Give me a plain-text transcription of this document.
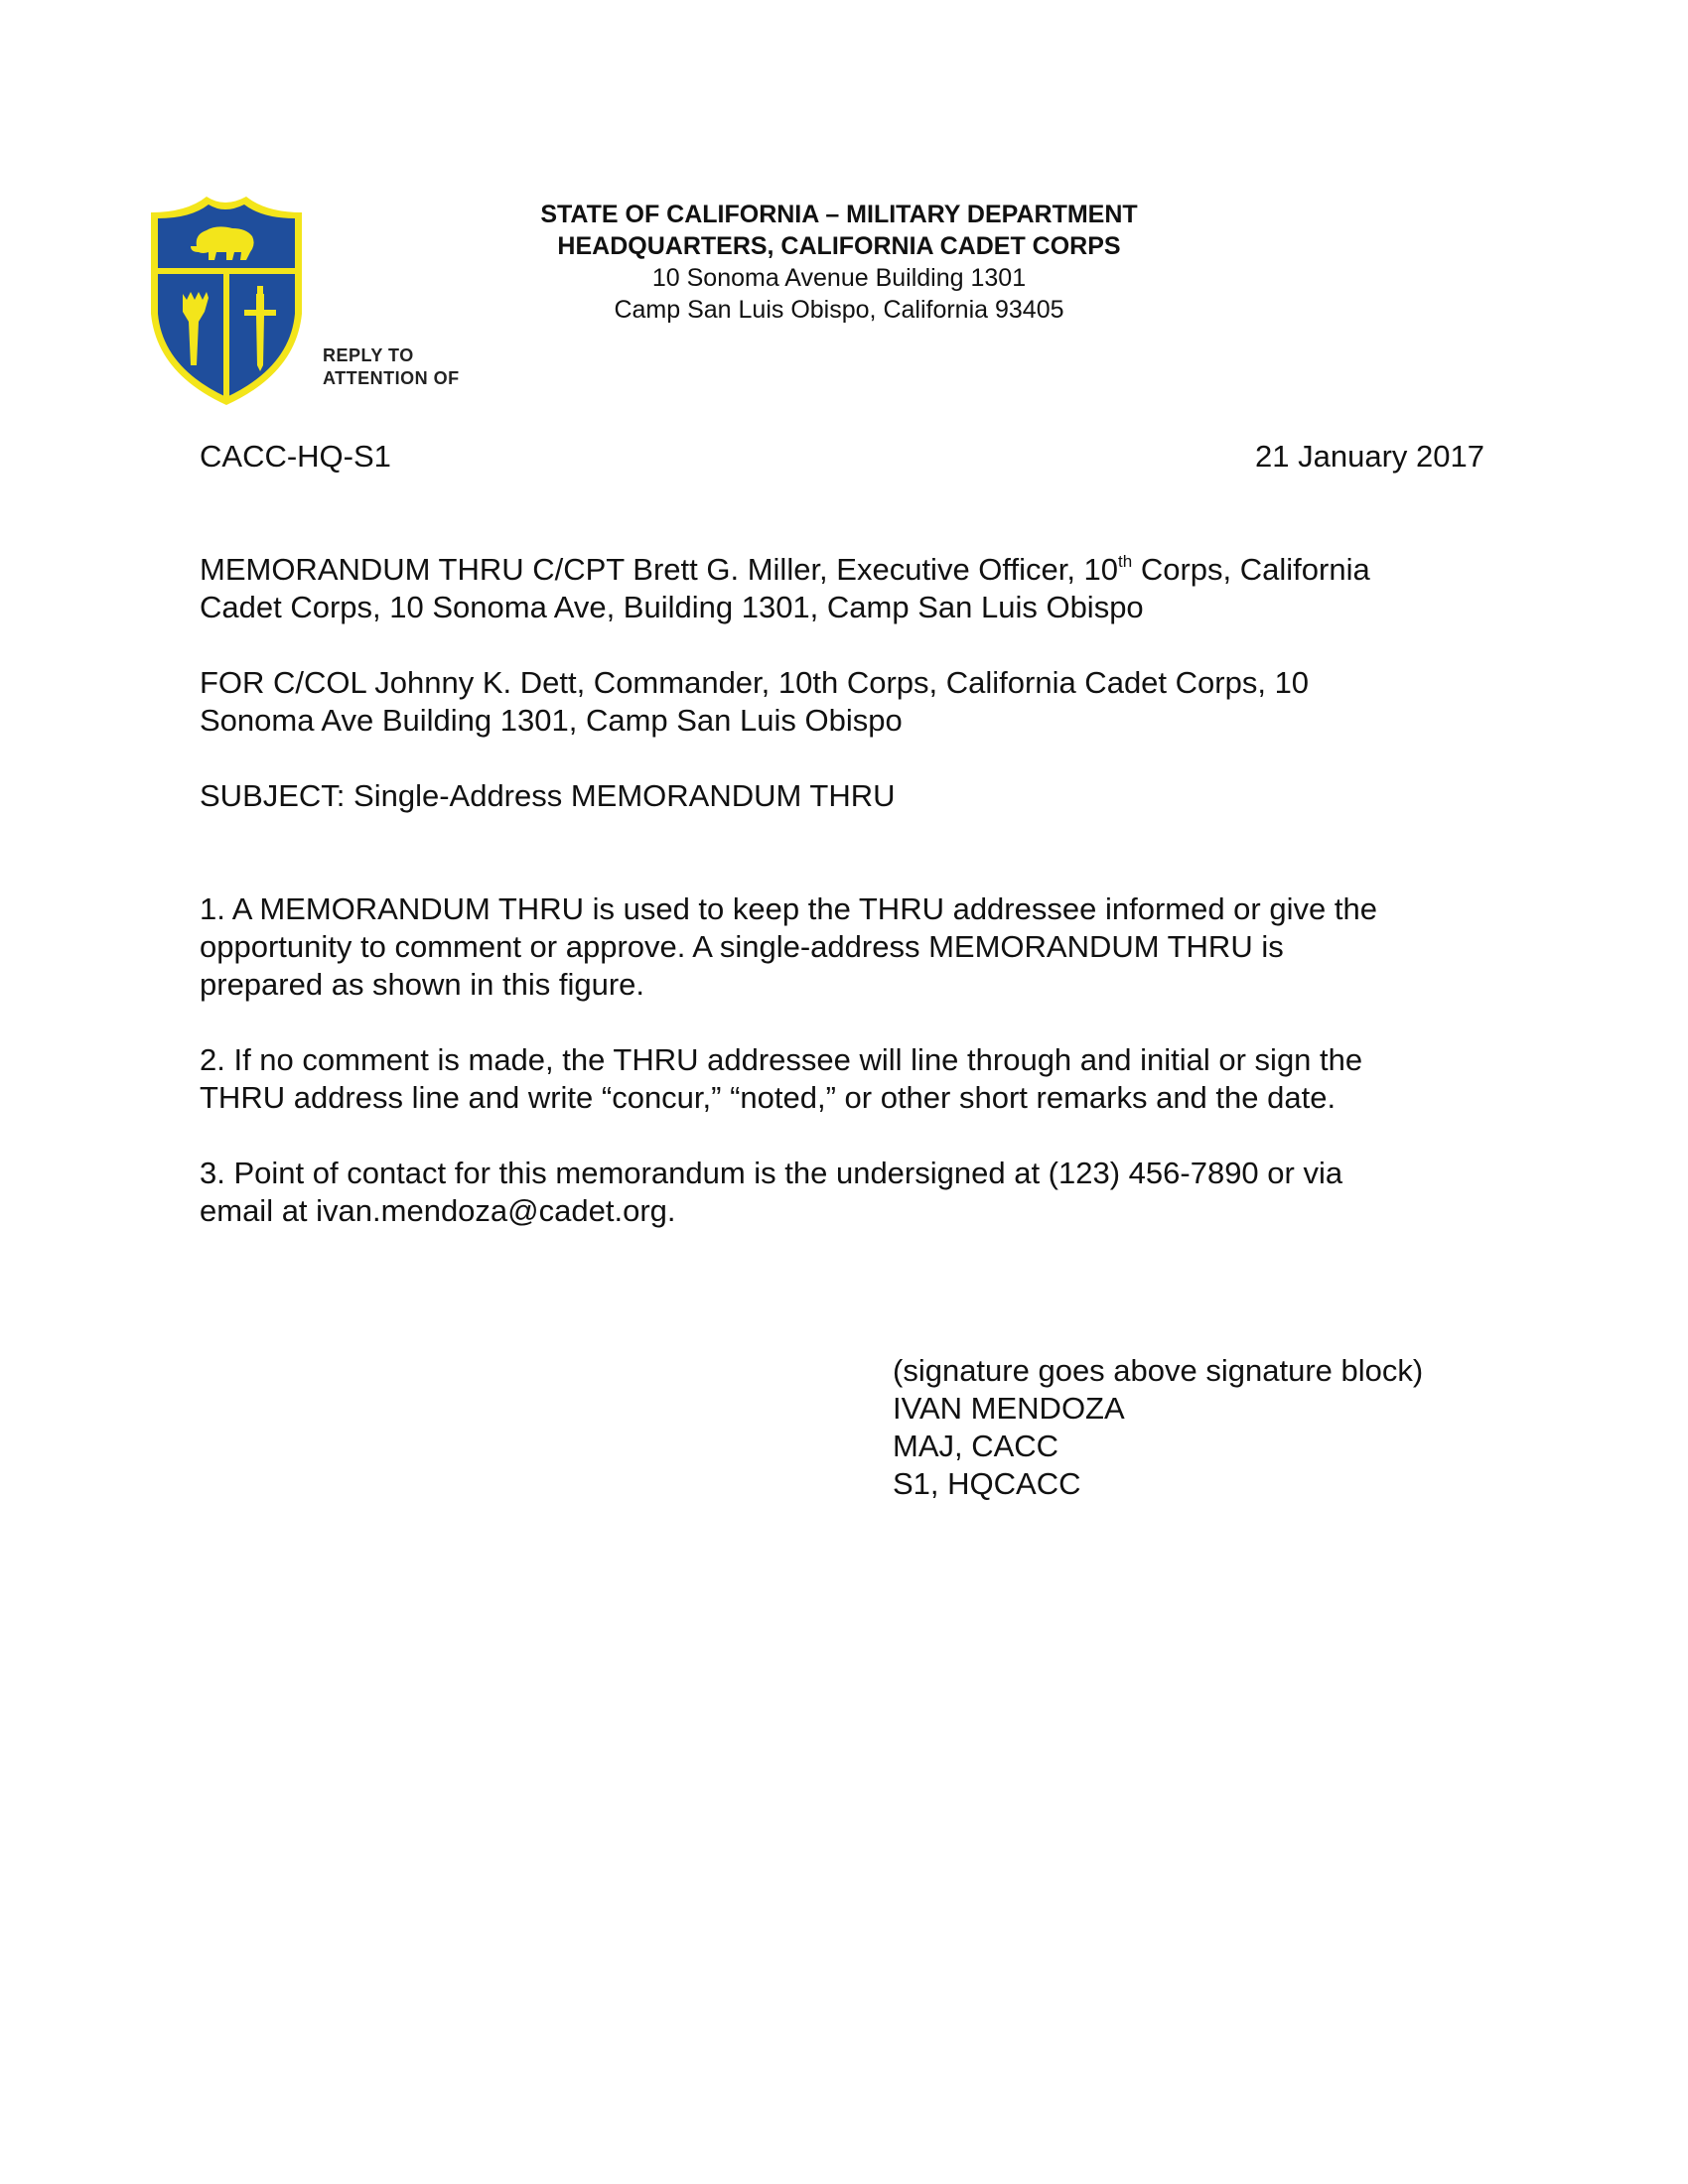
STATE OF CALIFORNIA – MILITARY DEPARTMENT
HEADQUARTERS, CALIFORNIA CADET CORPS
10 Sonoma Avenue Building 1301
Camp San Luis Obispo, California 93405
REPLY TO
ATTENTION OF
CACC-HQ-S1	21 January 2017
MEMORANDUM THRU C/CPT Brett G. Miller, Executive Officer, 10th Corps, California
Cadet Corps, 10 Sonoma Ave, Building 1301, Camp San Luis Obispo
FOR C/COL Johnny K. Dett, Commander, 10th Corps, California Cadet Corps, 10
Sonoma Ave Building 1301, Camp San Luis Obispo
SUBJECT: Single-Address MEMORANDUM THRU
1. A MEMORANDUM THRU is used to keep the THRU addressee informed or give the
opportunity to comment or approve. A single-address MEMORANDUM THRU is
prepared as shown in this figure.
2. If no comment is made, the THRU addressee will line through and initial or sign the
THRU address line and write “concur,” “noted,” or other short remarks and the date.
3. Point of contact for this memorandum is the undersigned at (123) 456-7890 or via
email at ivan.mendoza@cadet.org.
(signature goes above signature block)
IVAN MENDOZA
MAJ, CACC
S1, HQCACC
